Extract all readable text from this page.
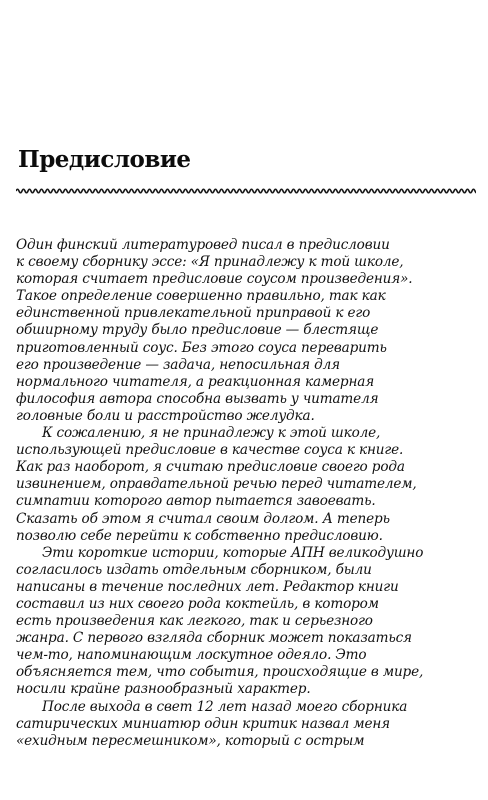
Предисловие
Один финский литературовед писал в предисловии
к своему сборнику эссе: «Я принадлежу к той школе,
которая считает предисловие соусом произведения».
Такое определение совершенно правильно, так как
единственной привлекательной приправой к его
обширному труду было предисловие — блестяще
приготовленный соус. Без этого соуса переварить
его произведение — задача, непосильная для
нормального читателя, а реакционная камерная
философия автора способна вызвать у читателя
головные боли и расстройство желудка.
К сожалению, я не принадлежу к этой школе,
использующей предисловие в качестве соуса к книге.
Как раз наоборот, я считаю предисловие своего рода
извинением, оправдательной речью перед читателем,
симпатии которого автор пытается завоевать.
Сказать об этом я считал своим долгом. А теперь
позволю себе перейти к собственно предисловию.
Эти короткие истории, которые АПН великодушно
согласилось издать отдельным сборником, были
написаны в течение последних лет. Редактор книги
составил из них своего рода коктейль, в котором
есть произведения как легкого, так и серьезного
жанра. С первого взгляда сборник может показаться
чем-то, напоминающим лоскутное одеяло. Это
объясняется тем, что события, происходящие в мире,
носили крайне разнообразный характер.
После выхода в свет 12 лет назад моего сборника
сатирических миниатюр один критик назвал меня
«ехидным пересмешником», который с острым
